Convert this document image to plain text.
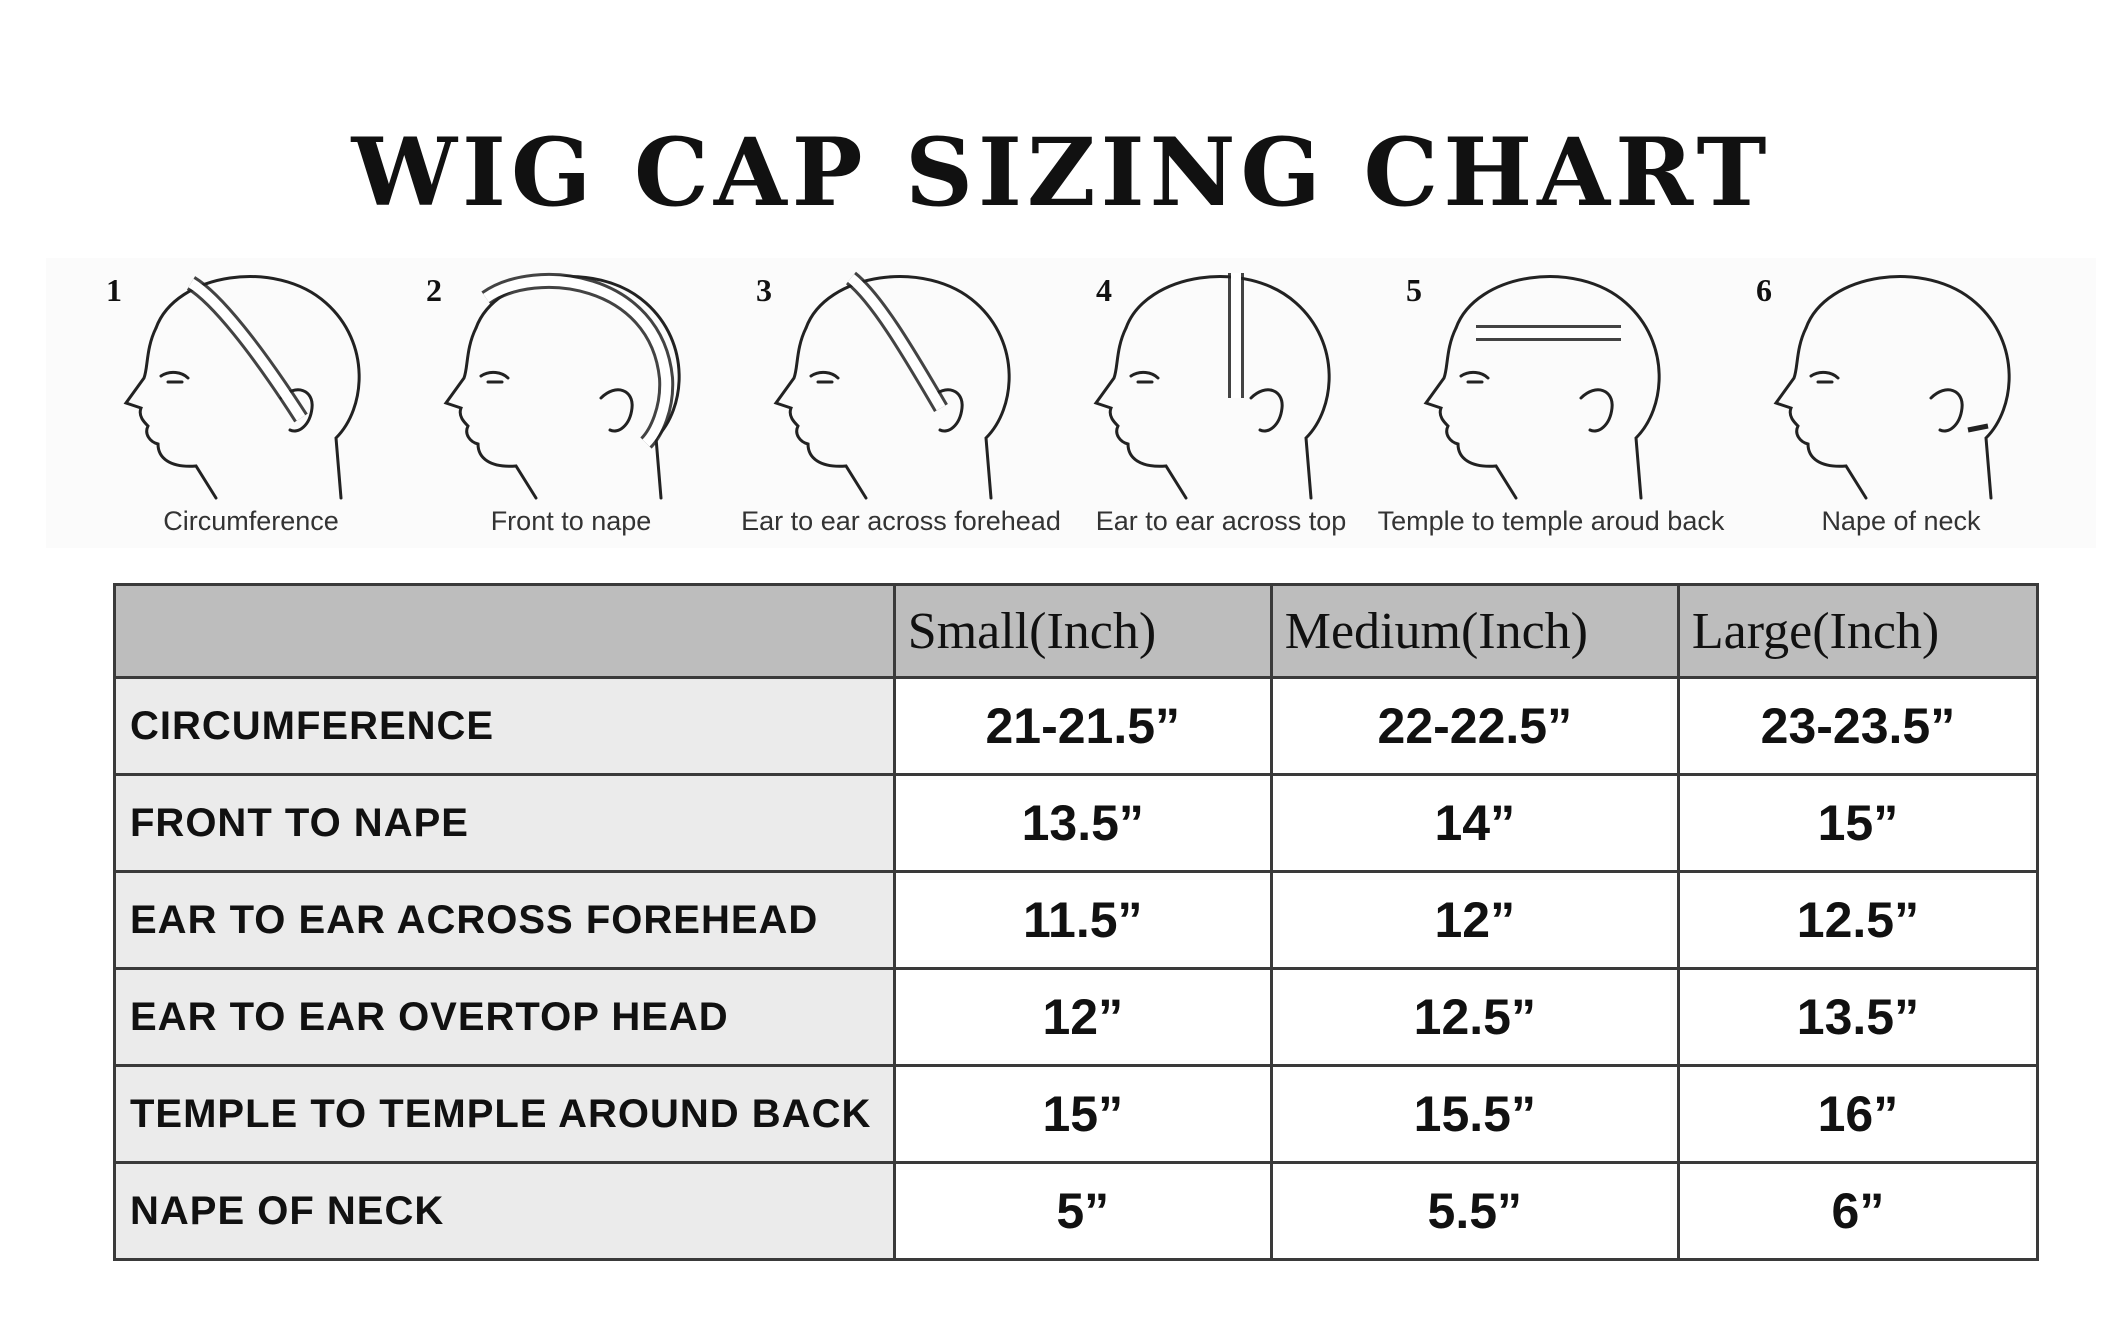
WIG CAP SIZING CHART
1
Circumference
2
Front to nape
3
Ear to ear across forehead
4
Ear to ear across top
5
Temple to temple aroud back
6
Nape of neck
	Small(Inch)	Medium(Inch)	Large(Inch)
CIRCUMFERENCE	21-21.5”	22-22.5”	23-23.5”
FRONT TO NAPE	13.5”	14”	15”
EAR TO EAR ACROSS FOREHEAD	11.5”	12”	12.5”
EAR TO EAR OVERTOP HEAD	12”	12.5”	13.5”
TEMPLE TO TEMPLE AROUND BACK	15”	15.5”	16”
NAPE OF NECK	5”	5.5”	6”
